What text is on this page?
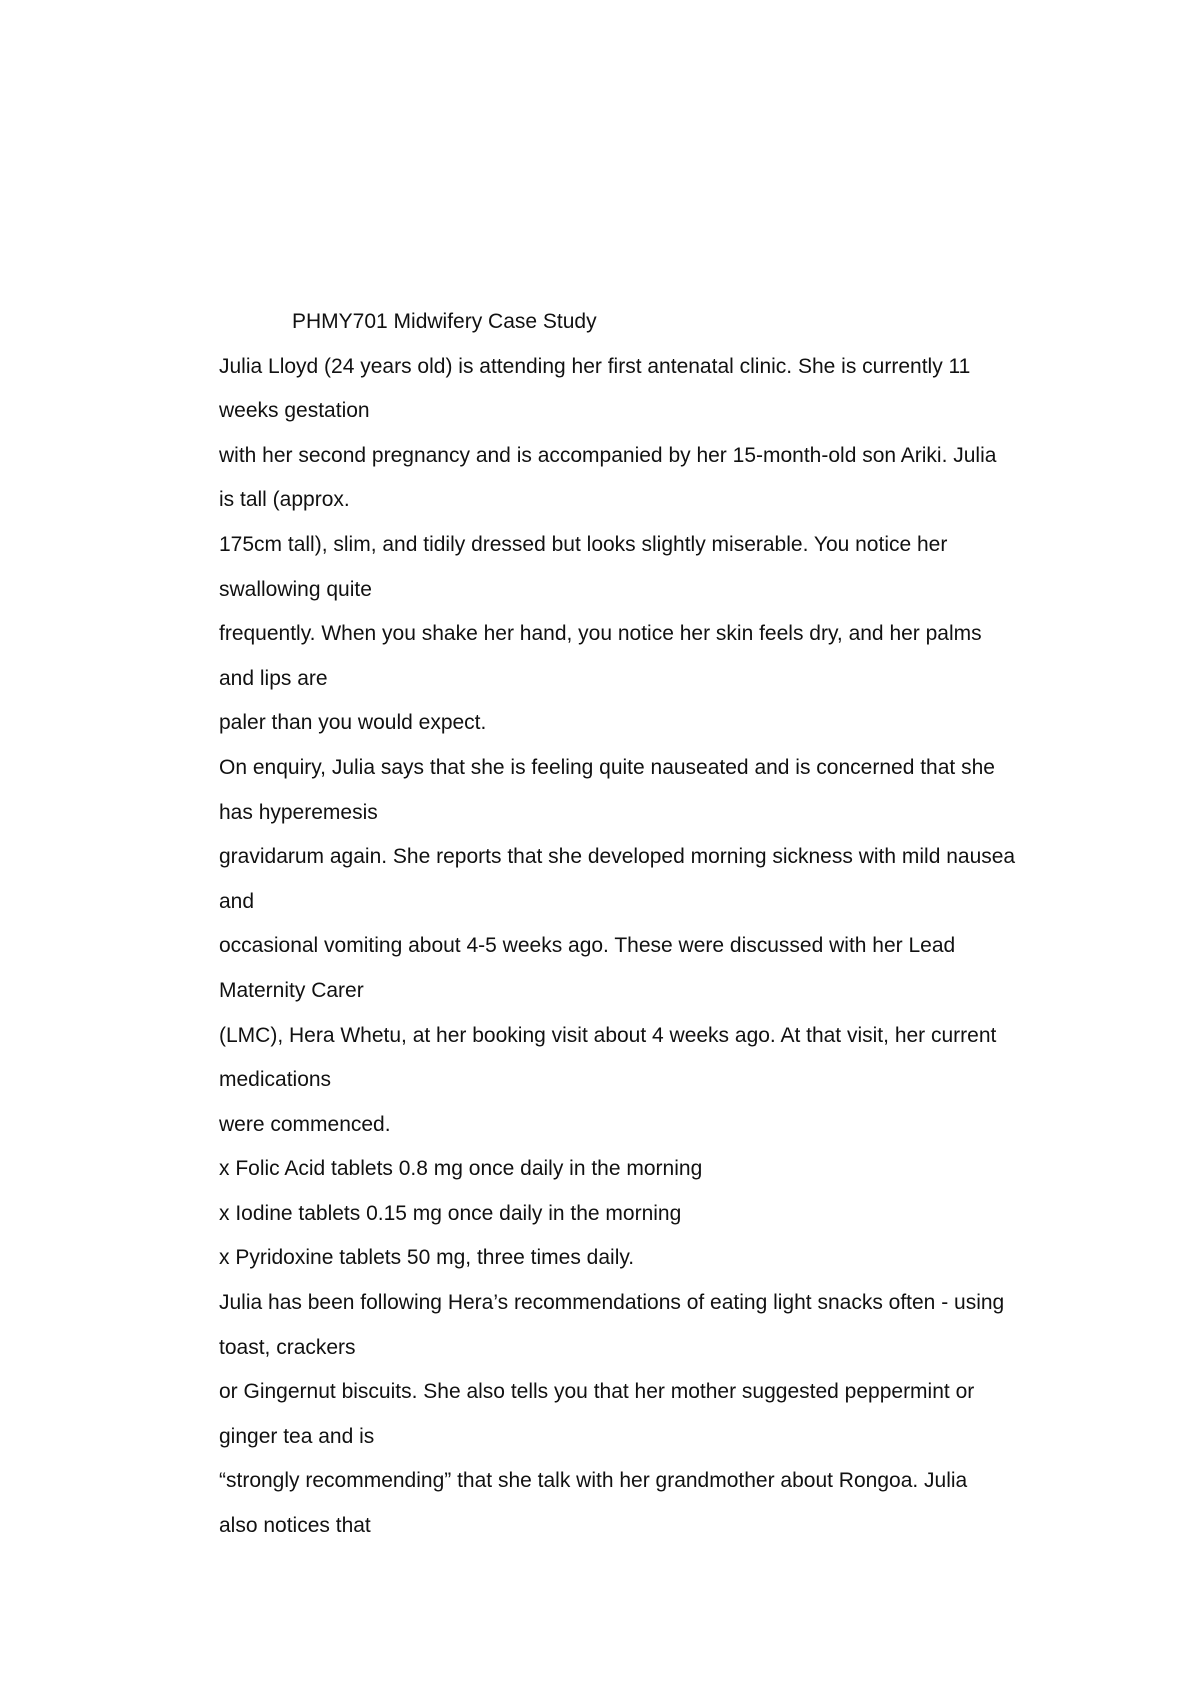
PHMY701 Midwifery Case Study
Julia Lloyd (24 years old) is attending her first antenatal clinic. She is currently 11
weeks gestation
with her second pregnancy and is accompanied by her 15-month-old son Ariki. Julia
is tall (approx.
175cm tall), slim, and tidily dressed but looks slightly miserable. You notice her
swallowing quite
frequently. When you shake her hand, you notice her skin feels dry, and her palms
and lips are
paler than you would expect.
On enquiry, Julia says that she is feeling quite nauseated and is concerned that she
has hyperemesis
gravidarum again. She reports that she developed morning sickness with mild nausea
and
occasional vomiting about 4-5 weeks ago. These were discussed with her Lead
Maternity Carer
(LMC), Hera Whetu, at her booking visit about 4 weeks ago. At that visit, her current
medications
were commenced.
x Folic Acid tablets 0.8 mg once daily in the morning
x Iodine tablets 0.15 mg once daily in the morning
x Pyridoxine tablets 50 mg, three times daily.
Julia has been following Hera’s recommendations of eating light snacks often - using
toast, crackers
or Gingernut biscuits. She also tells you that her mother suggested peppermint or
ginger tea and is
“strongly recommending” that she talk with her grandmother about Rongoa. Julia
also notices that
